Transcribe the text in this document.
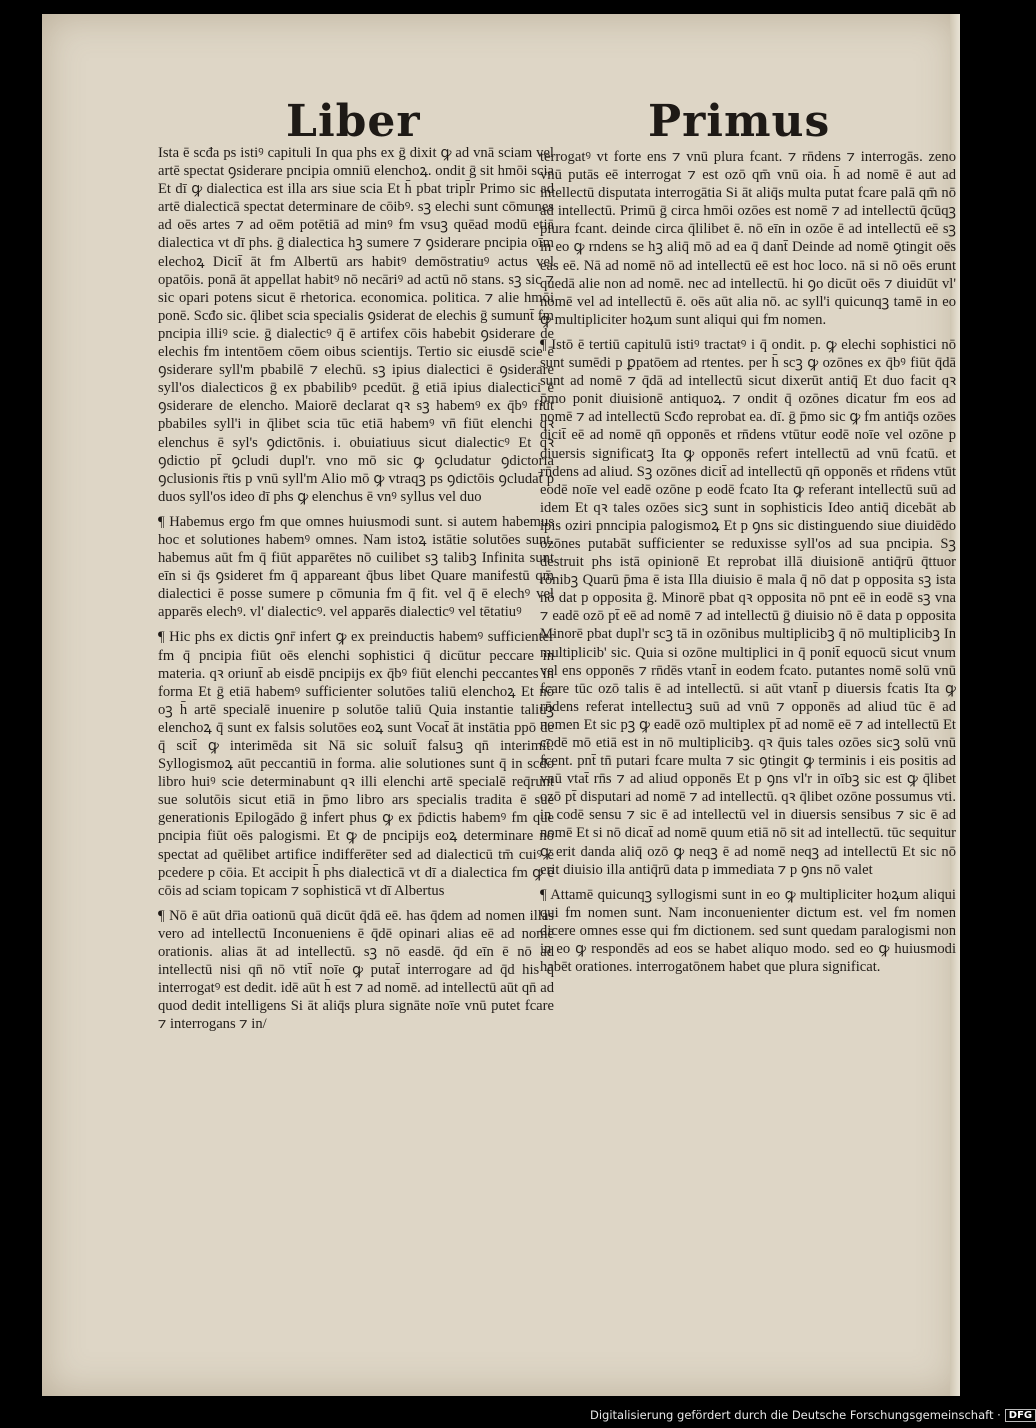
Liber	Primus

Ista ē scđa ps istiꝰ capituli In qua phs ex ḡ dixit ꝙ ad vnā sciam vel artē spectat ꝯsiderare pncipia omniū elenchoꝝ. ondit ḡ sit hmōi scia Et dī ꝙ dialectica est illa ars siue scia Et h̄ pbat tripl̄r Primo sic ad artē dialecticā spectat determinare de cōibꝰ. sꝫ elechi sunt cōmunes ad oēs artes ⁊ ad oēm potētiā ad minꝰ fm vsuꝫ quēad modū etiā dialectica vt dī phs. ḡ dialectica hꝫ sumere ⁊ ꝯsiderare pncipia oīm elechoꝝ Dicit̄ āt fm Albertū ars habitꝰ demōstratiuꝰ actus vel opatōis. ponā āt appellat habitꝰ nō necāriꝰ ad actū nō stans. sꝫ sic ⁊ sic opari potens sicut ē rhetorica. economica. politica. ⁊ alie hmōi ponē. Scđo sic. q̄libet scia specialis ꝯsiderat de elechis ḡ sumunt̄ fm pncipia illiꝰ scie. ḡ dialecticꝰ q̄ ē artifex cōis habebit ꝯsiderare de elechis fm intentōem cōem oibus scientijs. Tertio sic eiusdē scie ē ꝯsiderare syll'm pbabilē ⁊ elechū. sꝫ ipius dialectici ē ꝯsiderare syll'os dialecticos ḡ ex pbabilibꝰ pcedūt. ḡ etiā ipius dialectici ē ꝯsiderare de elencho. Maiorē declarat qꝛ sꝫ habemꝰ ex q̄bꝰ fiūt pbabiles syll'i in q̄libet scia tūc etiā habemꝰ vn̄ fiūt elenchi qꝛ elenchus ē syl's ꝯdictōnis. i. obuiatiuus sicut dialecticꝰ Et qꝛ ꝯdictio pt̄ ꝯcludi dupl'r. vno mō sic ꝙ ꝯcludatur ꝯdictoria ꝯclusionis r̄tis p vnū syll'm Alio mō ꝙ vtraqꝫ ps ꝯdictōis ꝯcludat̄ p duos syll'os ideo dī phs ꝙ elenchus ē vnꝰ syllus vel duo

¶ Habemus ergo fm que omnes huiusmodi sunt. si autem habemus hoc et solutiones habemꝰ omnes. Nam istoꝝ istātie solutōes sunt. habemus aūt fm q̄ fiūt apparētes nō cuilibet sꝫ talibꝫ Infinita sunt eīn si q̄s ꝯsideret fm q̄ appareant q̄bus libet Quare manifestū qm̄ dialectici ē posse sumere p cōmunia fm q̄ fit. vel q̄ ē elechꝰ vel apparēs elechꝰ. vl' dialecticꝰ. vel apparēs dialecticꝰ vel tētatiuꝰ

¶ Hic phs ex dictis ꝯnr̄ infert ꝙ ex preinductis habemꝰ sufficienter fm q̄ pncipia fiūt oēs elenchi sophistici q̄ dicūtur peccare in materia. qꝛ oriunt̄ ab eisdē pncipijs ex q̄bꝰ fiūt elenchi peccantes in forma Et ḡ etiā habemꝰ sufficienter solutōes taliū elenchoꝝ Et nō oꝫ h̄ artē specialē inuenire p solutōe taliū Quia instantie taliuꝫ elenchoꝝ q̄ sunt ex falsis solutōes eoꝝ sunt Vocat̄ āt instātia ppō de q̄ scit̄ ꝙ interimēda sit Nā sic soluit̄ falsuꝫ qn̄ interimit̄. Syllogismoꝝ aūt peccantiū in forma. alie solutiones sunt q̄ in scđo libro huiꝰ scie determinabunt qꝛ illi elenchi artē specialē req̄runt sue solutōis sicut etiā in p̄mo libro ars specialis tradita ē sue generationis Epilogādo ḡ infert phus ꝙ ex p̄dictis habemꝰ fm que pncipia fiūt oēs palogismi. Et ꝙ de pncipijs eoꝝ determinare nō spectat ad quēlibet artifice indifferēter sed ad dialecticū tm̄ cuiꝰ ē pcedere p cōia. Et accipit h̄ phs dialecticā vt dī a dialectica fm ꝙ ē cōis ad sciam topicam ⁊ sophisticā vt dī Albertus

¶ Nō ē aūt dr̄ia oationū quā dicūt q̄dā eē. has q̄dem ad nomen illas vero ad intellectū Inconueniens ē q̄dē opinari alias eē ad nomē orationis. alias āt ad intellectū. sꝫ nō easdē. q̄d eīn ē nō ad intellectū nisi qn̄ nō vtit̄ noīe ꝙ putat̄ interrogare ad q̄d his q̄ interrogatꝰ est dedit. idē aūt h̄ est ⁊ ad nomē. ad intellectū aūt qn̄ ad quod dedit intelligens Si āt aliq̄s plura signāte noīe vnū putet fcare ⁊ interrogans ⁊ in/

terrogatꝰ vt forte ens ⁊ vnū plura fcant. ⁊ rn̄dens ⁊ interrogās. zeno vnū putās eē interrogat ⁊ est ozō qm̄ vnū oia. h̄ ad nomē ē aut ad intellectū disputata interrogātia Si āt aliq̄s multa putat fcare palā qm̄ nō ad intellectū. Primū ḡ circa hmōi ozōes est nomē ⁊ ad intellectū q̄cūqꝫ plura fcant. deinde circa q̄lilibet ē. nō eīn in ozōe ē ad intellectū eē sꝫ in eo ꝙ rndens se hꝫ aliq̄ mō ad ea q̄ dant̄ Deinde ad nomē ꝯtingit oēs eas eē. Nā ad nomē nō ad intellectū eē est hoc loco. nā si nō oēs erunt quedā alie non ad nomē. nec ad intellectū. hi ꝯo dicūt oēs ⁊ diuidūt vl' nomē vel ad intellectū ē. oēs aūt alia nō. ac syll'i quicunqꝫ tamē in eo ꝙ multipliciter hoꝝum sunt aliqui qui fm nomen.

¶ Istō ē tertiū capitulū istiꝰ tractatꝰ i q̄ ondit. p. ꝙ elechi sophistici nō sunt sumēdi p ꝑpatōem ad rtentes. per h̄ scꝫ ꝙ ozōnes ex q̄bꝰ fiūt q̄dā sunt ad nomē ⁊ q̄dā ad intellectū sicut dixerūt antiq̄ Et duo facit qꝛ p̄mo ponit diuisionē antiquoꝝ. ⁊ ondit q̄ ozōnes dicatur fm eos ad nomē ⁊ ad intellectū Scđo reprobat ea. dī. ḡ p̄mo sic ꝙ fm antiq̄s ozōes dicit̄ eē ad nomē qn̄ opponēs et rn̄dens vtūtur eodē noīe vel ozōne p diuersis significatꝫ Ita ꝙ opponēs refert intellectū ad vnū fcatū. et rn̄dens ad aliud. Sꝫ ozōnes dicit̄ ad intellectū qn̄ opponēs et rn̄dens vtūt eodē noīe vel eadē ozōne p eodē fcato Ita ꝙ referant intellectū suū ad idem Et qꝛ tales ozōes sicꝫ sunt in sophisticis Ideo antiq̄ dicebāt ab ipis oziri pnncipia palogismoꝝ Et p ꝯns sic distinguendo siue diuidēdo ozōnes putabāt sufficienter se reduxisse syll'os ad sua pncipia. Sꝫ destruit phs istā opinionē Et reprobat illā diuisionē antiq̄rū q̄ttuor rōnibꝫ Quarū p̄ma ē ista Illa diuisio ē mala q̄ nō dat p opposita sꝫ ista nō dat p opposita ḡ. Minorē pbat qꝛ opposita nō pnt eē in eodē sꝫ vna ⁊ eadē ozō pt̄ eē ad nomē ⁊ ad intellectū ḡ diuisio nō ē data p opposita Minorē pbat dupl'r scꝫ tā in ozōnibus multiplicibꝫ q̄ nō multiplicibꝫ In multiplicib' sic. Quia si ozōne multiplici in q̄ ponit̄ equocū sicut vnum vel ens opponēs ⁊ rn̄dēs vtant̄ in eodem fcato. putantes nomē solū vnū fcare tūc ozō talis ē ad intellectū. si aūt vtant̄ p diuersis fcatis Ita ꝙ rn̄dens referat intellectuꝫ suū ad vnū ⁊ opponēs ad aliud tūc ē ad nomen Et sic pꝫ ꝙ eadē ozō multiplex pt̄ ad nomē eē ⁊ ad intellectū Et codē mō etiā est in nō multiplicibꝫ. qꝛ q̄uis tales ozōes sicꝫ solū vnū fcent. pnt̄ tn̄ putari fcare multa ⁊ sic ꝯtingit ꝙ terminis i eis positis ad vnū vtat̄ rn̄s ⁊ ad aliud opponēs Et p ꝯns vl'r in oībꝫ sic est ꝙ q̄libet ozō pt̄ disputari ad nomē ⁊ ad intellectū. qꝛ q̄libet ozōne possumus vti. in codē sensu ⁊ sic ē ad intellectū vel in diuersis sensibus ⁊ sic ē ad nomē Et si nō dicat̄ ad nomē quum etiā nō sit ad intellectū. tūc sequitur ꝙ erit danda aliq̄ ozō ꝙ neqꝫ ē ad nomē neqꝫ ad intellectū Et sic nō erit diuisio illa antiq̄rū data p immediata ⁊ p ꝯns nō valet

¶ Attamē quicunqꝫ syllogismi sunt in eo ꝙ multipliciter hoꝝum aliqui qui fm nomen sunt. Nam inconuenienter dictum est. vel fm nomen dicere omnes esse qui fm dictionem. sed sunt quedam paralogismi non in eo ꝙ respondēs ad eos se habet aliquo modo. sed eo ꝙ huiusmodi habēt orationes. interrogatōnem habet que plura significat.

Digitalisierung gefördert durch die Deutsche Forschungsgemeinschaft · DFG
